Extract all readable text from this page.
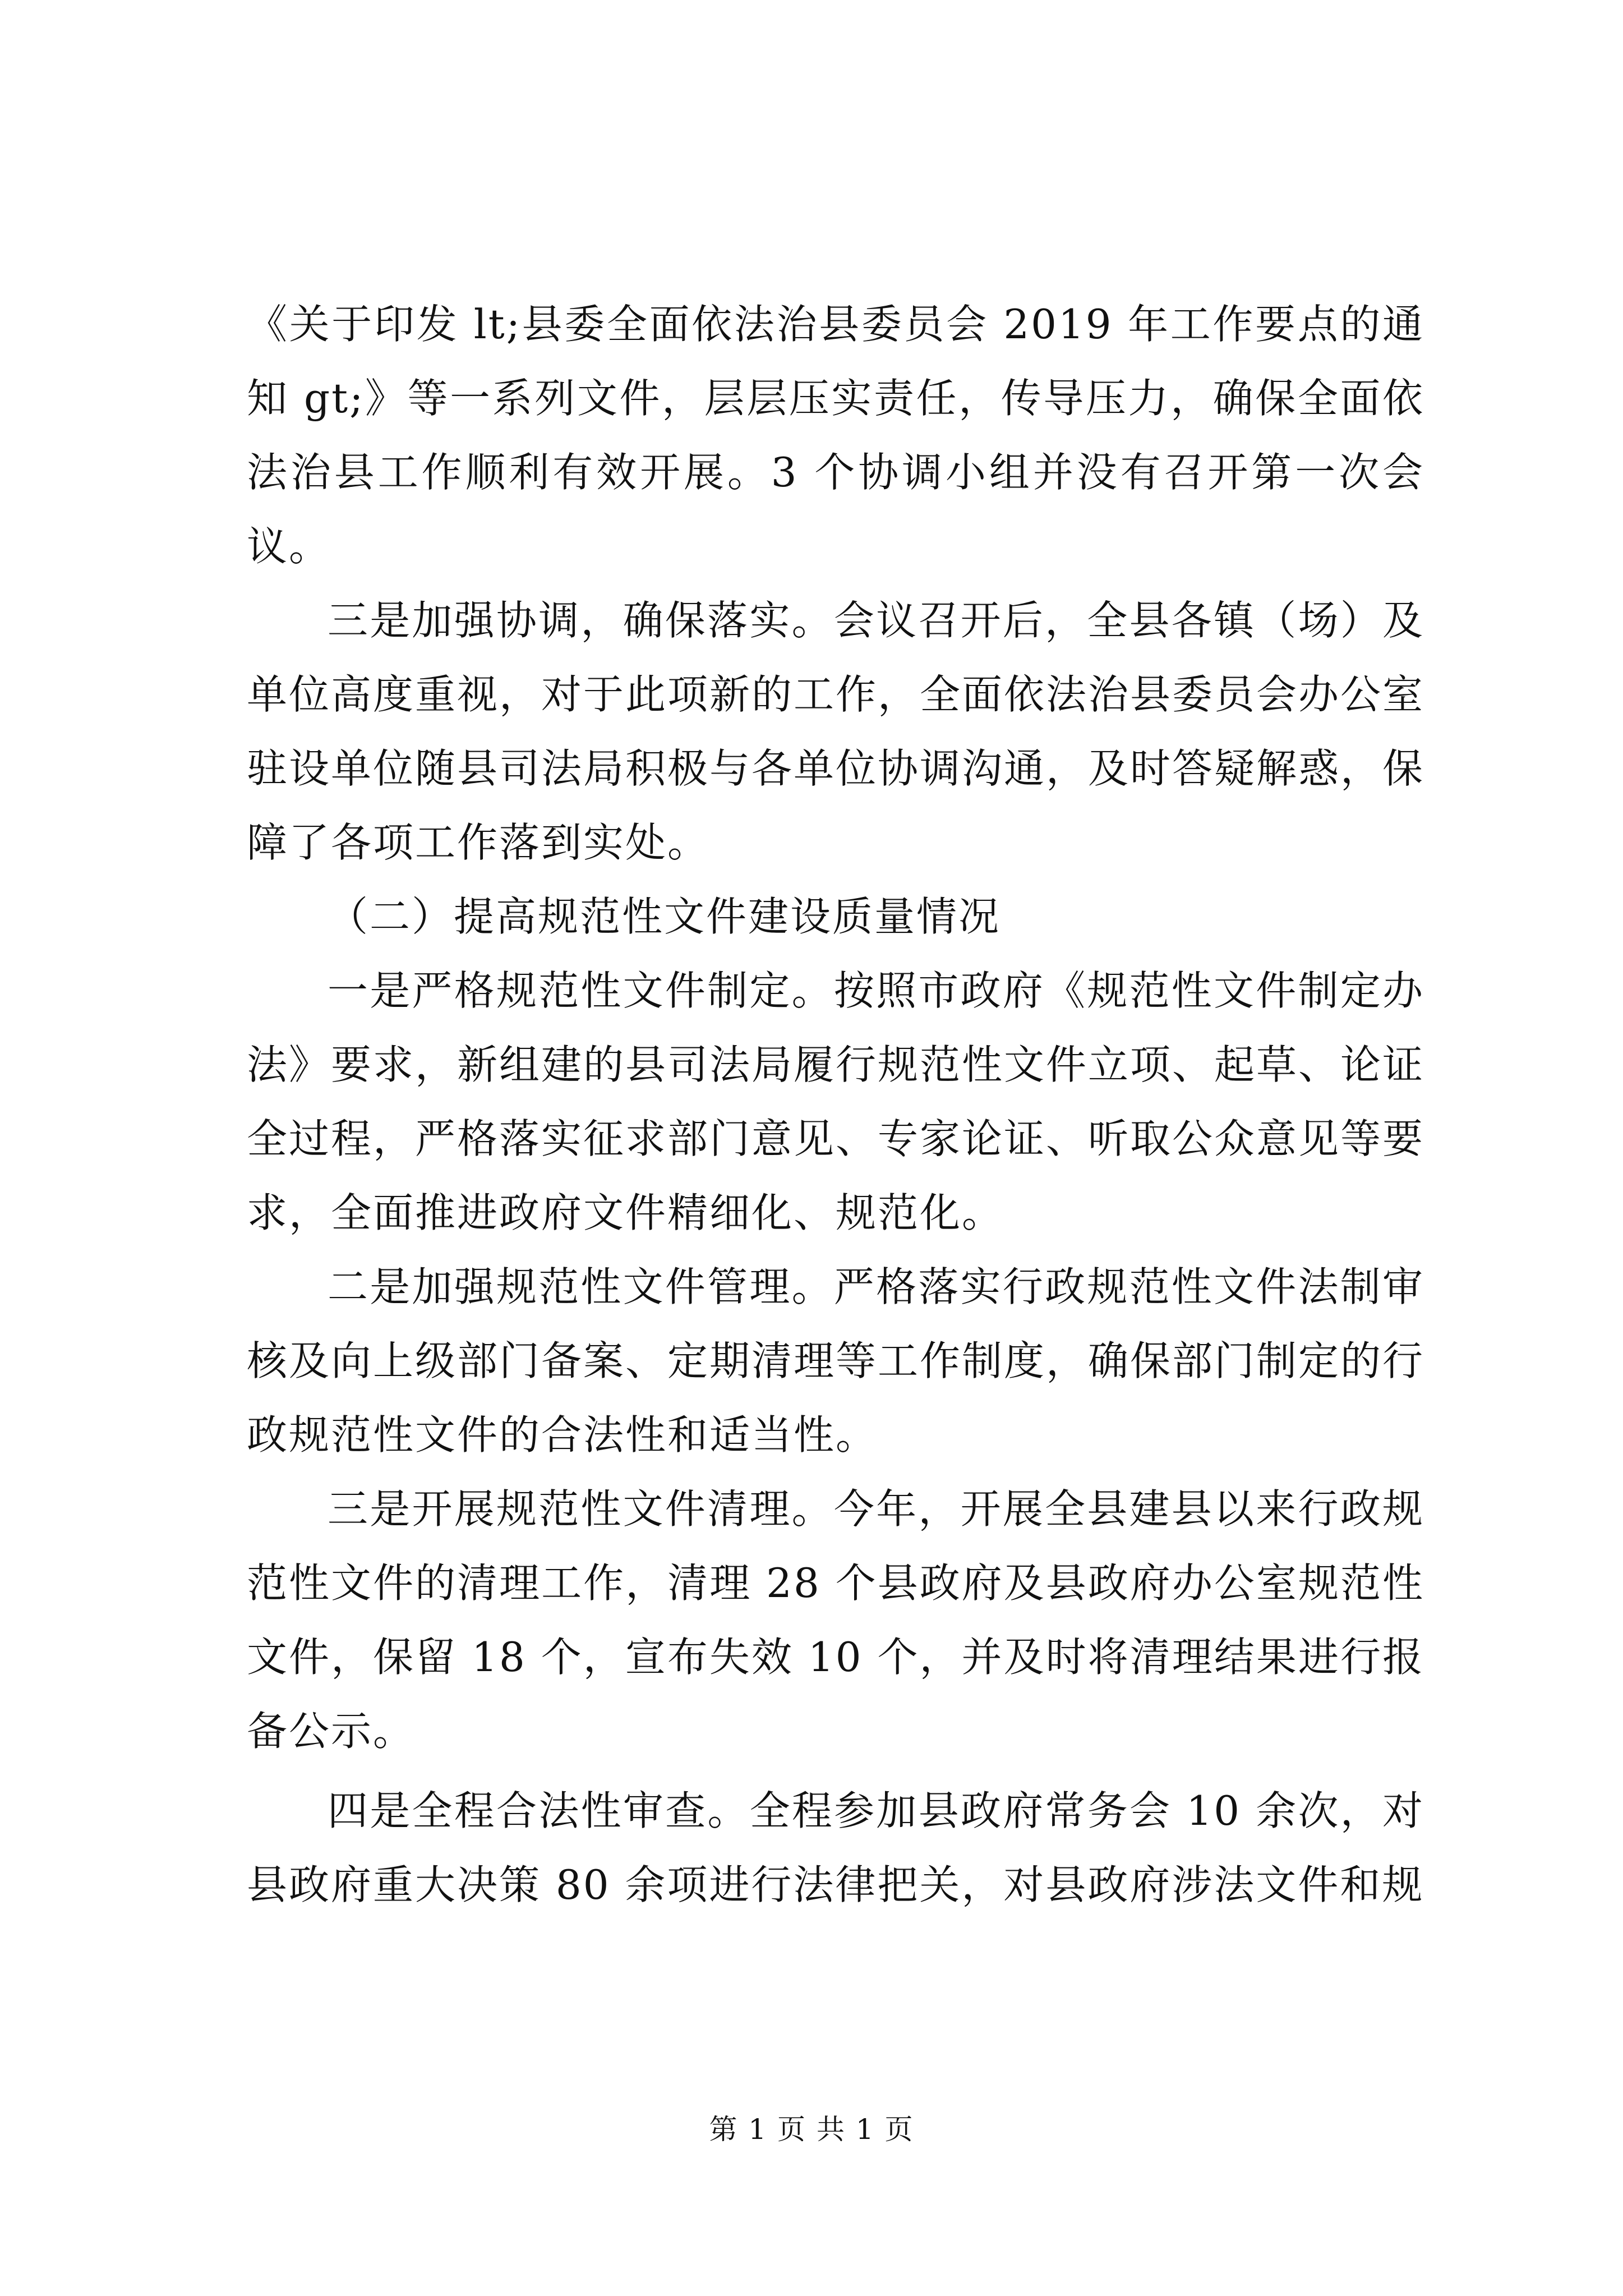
《关于印发 lt;县委全面依法治县委员会 2019 年工作要点的通知 gt;》等一系列文件，层层压实责任，传导压力，确保全面依法治县工作顺利有效开展。3 个协调小组并没有召开第一次会议。

三是加强协调，确保落实。会议召开后，全县各镇（场）及单位高度重视，对于此项新的工作，全面依法治县委员会办公室驻设单位随县司法局积极与各单位协调沟通，及时答疑解惑，保障了各项工作落到实处。

（二）提高规范性文件建设质量情况

一是严格规范性文件制定。按照市政府《规范性文件制定办法》要求，新组建的县司法局履行规范性文件立项、起草、论证全过程，严格落实征求部门意见、专家论证、听取公众意见等要求，全面推进政府文件精细化、规范化。

二是加强规范性文件管理。严格落实行政规范性文件法制审核及向上级部门备案、定期清理等工作制度，确保部门制定的行政规范性文件的合法性和适当性。

三是开展规范性文件清理。今年，开展全县建县以来行政规范性文件的清理工作，清理 28 个县政府及县政府办公室规范性文件，保留 18 个，宣布失效 10 个，并及时将清理结果进行报备公示。

四是全程合法性审查。全程参加县政府常务会 10 余次，对县政府重大决策 80 余项进行法律把关，对县政府涉法文件和规

第 1 页 共 1 页
